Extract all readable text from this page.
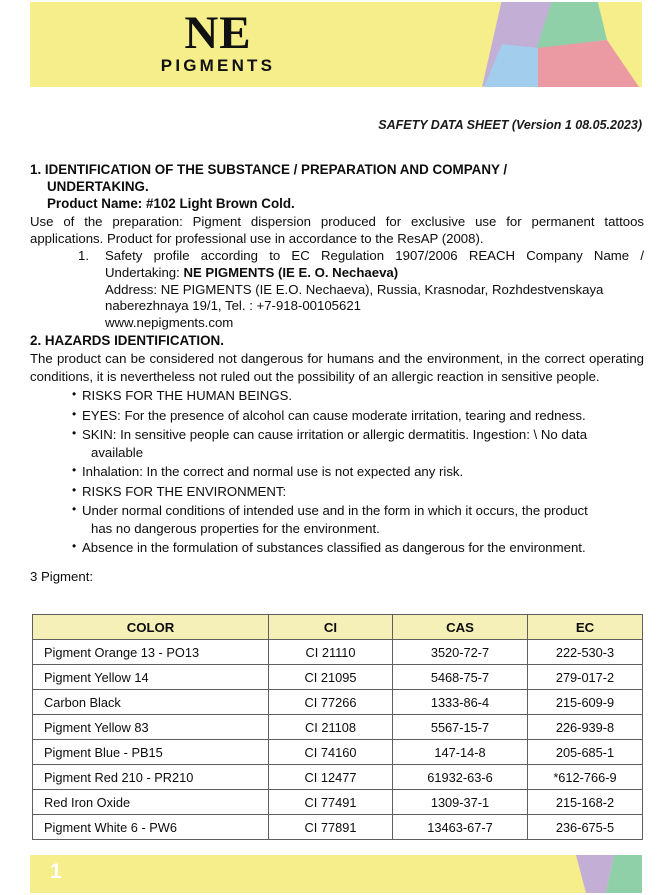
NE
PIGMENTS
SAFETY DATA SHEET (Version 1 08.05.2023)
1. IDENTIFICATION OF THE SUBSTANCE / PREPARATION AND COMPANY /
UNDERTAKING.
Product Name: #102 Light Brown Cold.
Use of the preparation: Pigment dispersion produced for exclusive use for permanent tattoos applications. Product for professional use in accordance to the ResAP (2008).
1. Safety profile according to EC Regulation 1907/2006 REACH Company Name / Undertaking: NE PIGMENTS (IE E. O. Nechaeva)
Address: NE PIGMENTS (IE E.O. Nechaeva), Russia, Krasnodar, Rozhdestvenskaya
naberezhnaya 19/1, Tel. : +7-918-00105621
www.nepigments.com
2. HAZARDS IDENTIFICATION.
The product can be considered not dangerous for humans and the environment, in the correct operating conditions, it is nevertheless not ruled out the possibility of an allergic reaction in sensitive people.
• RISKS FOR THE HUMAN BEINGS.
• EYES: For the presence of alcohol can cause moderate irritation, tearing and redness.
• SKIN: In sensitive people can cause irritation or allergic dermatitis. Ingestion: \ No data
available
• Inhalation: In the correct and normal use is not expected any risk.
• RISKS FOR THE ENVIRONMENT:
• Under normal conditions of intended use and in the form in which it occurs, the product
has no dangerous properties for the environment.
• Absence in the formulation of substances classified as dangerous for the environment.
3 Pigment:
COLOR	CI	CAS	EC
Pigment Orange 13 - PO13	CI 21110	3520-72-7	222-530-3
Pigment Yellow 14	CI 21095	5468-75-7	279-017-2
Carbon Black	CI 77266	1333-86-4	215-609-9
Pigment Yellow 83	CI 21108	5567-15-7	226-939-8
Pigment Blue - PB15	CI 74160	147-14-8	205-685-1
Pigment Red 210 - PR210	CI 12477	61932-63-6	*612-766-9
Red Iron Oxide	CI 77491	1309-37-1	215-168-2
Pigment White 6 - PW6	CI 77891	13463-67-7	236-675-5
1
